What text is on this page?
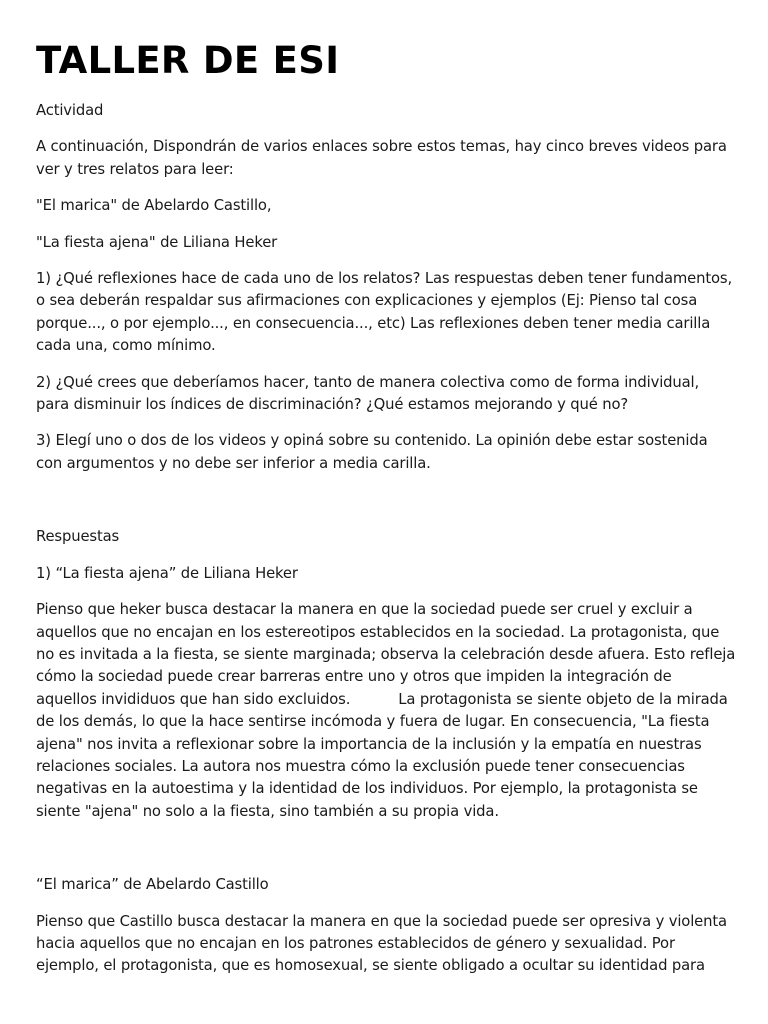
TALLER DE ESI

Actividad

A continuación, Dispondrán de varios enlaces sobre estos temas, hay cinco breves videos para ver y tres relatos para leer:

"El marica" de Abelardo Castillo,

"La fiesta ajena" de Liliana Heker

1) ¿Qué reflexiones hace de cada uno de los relatos? Las respuestas deben tener fundamentos, o sea deberán respaldar sus afirmaciones con explicaciones y ejemplos (Ej: Pienso tal cosa porque..., o por ejemplo..., en consecuencia..., etc) Las reflexiones deben tener media carilla cada una, como mínimo.

2) ¿Qué crees que deberíamos hacer, tanto de manera colectiva como de forma individual, para disminuir los índices de discriminación? ¿Qué estamos mejorando y qué no?

3) Elegí uno o dos de los videos y opiná sobre su contenido. La opinión debe estar sostenida con argumentos y no debe ser inferior a media carilla.

Respuestas

1) “La fiesta ajena” de Liliana Heker

Pienso que heker busca destacar la manera en que la sociedad puede ser cruel y excluir a aquellos que no encajan en los estereotipos establecidos en la sociedad. La protagonista, que no es invitada a la fiesta, se siente marginada; observa la celebración desde afuera. Esto refleja cómo la sociedad puede crear barreras entre uno y otros que impiden la integración de aquellos invididuos que han sido excluidos.	La protagonista se siente objeto de la mirada de los demás, lo que la hace sentirse incómoda y fuera de lugar. En consecuencia, "La fiesta ajena" nos invita a reflexionar sobre la importancia de la inclusión y la empatía en nuestras relaciones sociales. La autora nos muestra cómo la exclusión puede tener consecuencias negativas en la autoestima y la identidad de los individuos. Por ejemplo, la protagonista se siente "ajena" no solo a la fiesta, sino también a su propia vida.

“El marica” de Abelardo Castillo

Pienso que Castillo busca destacar la manera en que la sociedad puede ser opresiva y violenta hacia aquellos que no encajan en los patrones establecidos de género y sexualidad. Por ejemplo, el protagonista, que es homosexual, se siente obligado a ocultar su identidad para
